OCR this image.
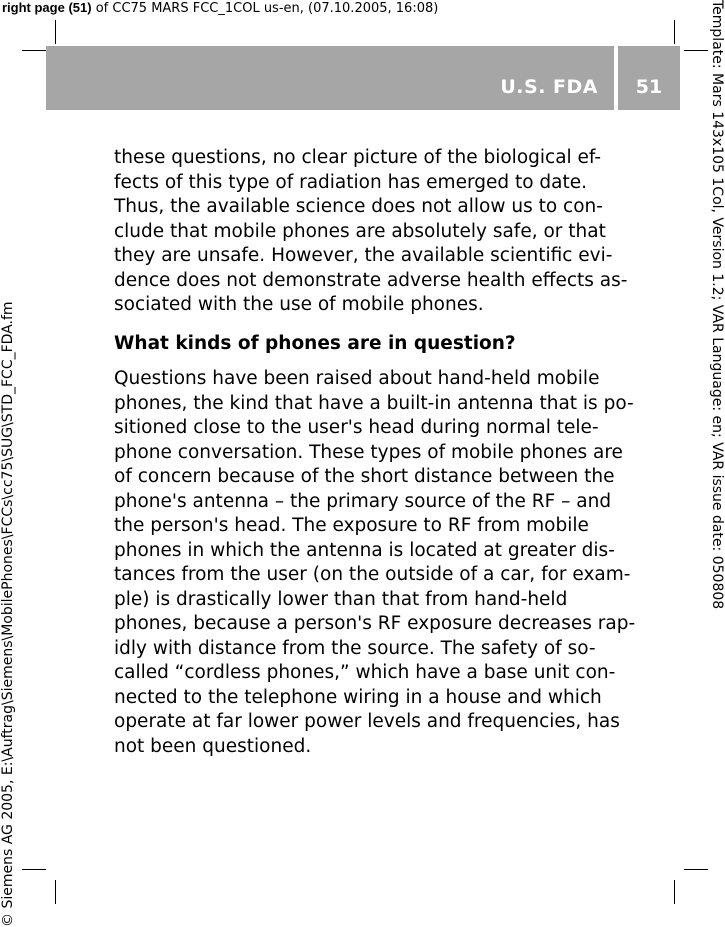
right page (51) of CC75 MARS FCC_1COL us-en, (07.10.2005, 16:08)
U.S. FDA	51	Template: Mars 143x105 1Col, Version 1.2; VAR Language: en; VAR issue date: 050808
© Siemens AG 2005, E:\Auftrag\Siemens\MobilePhones\FCCs\cc75\SUG\STD_FCC_FDA.fm

these questions, no clear picture of the biological ef-

fects of this type of radiation has emerged to date.

Thus, the available science does not allow us to con-

clude that mobile phones are absolutely safe, or that

they are unsafe. However, the available scientific evi-

dence does not demonstrate adverse health effects as-

sociated with the use of mobile phones.

What kinds of phones are in question?

Questions have been raised about hand-held mobile

phones, the kind that have a built-in antenna that is po-

sitioned close to the user's head during normal tele-

phone conversation. These types of mobile phones are

of concern because of the short distance between the

phone's antenna – the primary source of the RF – and

the person's head. The exposure to RF from mobile

phones in which the antenna is located at greater dis-

tances from the user (on the outside of a car, for exam-

ple) is drastically lower than that from hand-held

phones, because a person's RF exposure decreases rap-

idly with distance from the source. The safety of so-

called “cordless phones,” which have a base unit con-

nected to the telephone wiring in a house and which

operate at far lower power levels and frequencies, has

not been questioned.
